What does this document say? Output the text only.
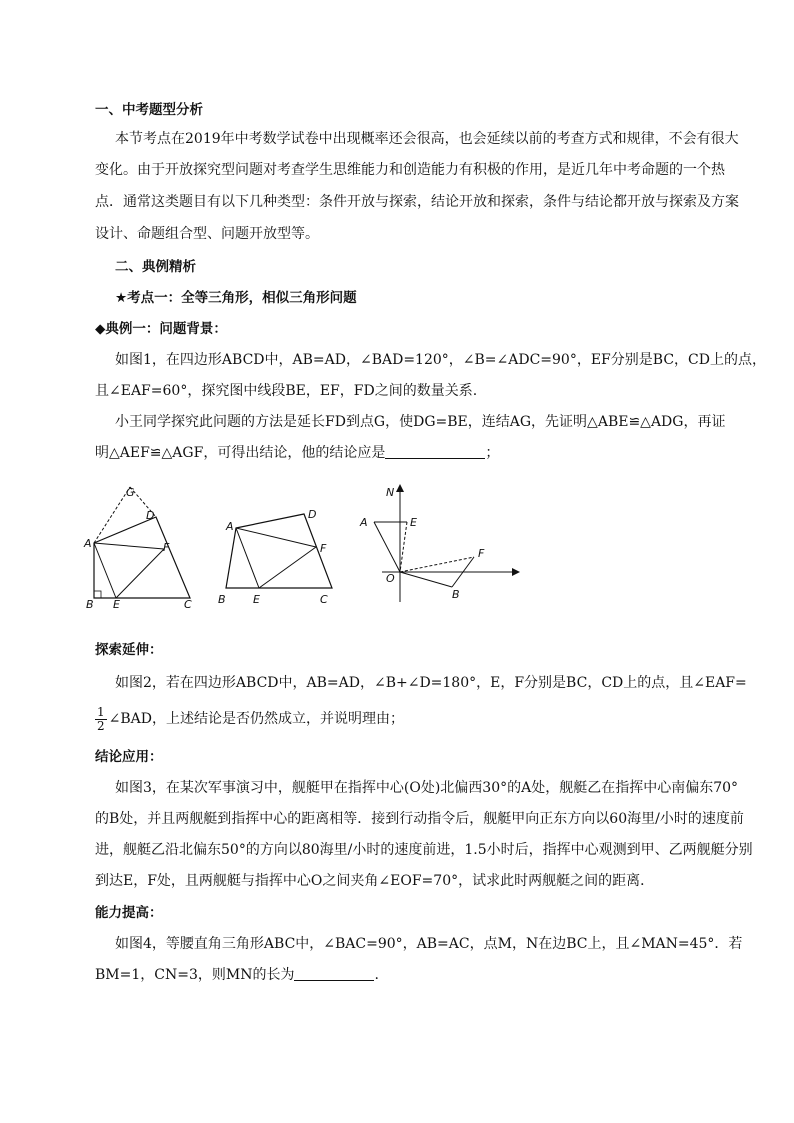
一、中考题型分析
本节考点在2019年中考数学试卷中出现概率还会很高，也会延续以前的考查方式和规律，不会有很大
变化。由于开放探究型问题对考查学生思维能力和创造能力有积极的作用，是近几年中考命题的一个热
点．通常这类题目有以下几种类型：条件开放与探索，结论开放和探索，条件与结论都开放与探索及方案
设计、命题组合型、问题开放型等。
二、典例精析
★考点一：全等三角形，相似三角形问题
◆典例一：问题背景：
如图1，在四边形ABCD中，AB=AD，∠BAD=120°，∠B=∠ADC=90°，EF分别是BC，CD上的点，
且∠EAF=60°，探究图中线段BE，EF，FD之间的数量关系.
小王同学探究此问题的方法是延长FD到点G，使DG=BE，连结AG，先证明△ABE≌△ADG，再证
明△AEF≌△AGF，可得出结论，他的结论应是	；
G
D
A	F
B E	C
A
D
F
B E	C
N
A	E
F
O
B
探索延伸：
如图2，若在四边形ABCD中，AB=AD，∠B+∠D=180°，E，F分别是BC，CD上的点，且∠EAF=
$\frac{1}{2}$ ∠BAD，上述结论是否仍然成立，并说明理由；
结论应用：
如图3，在某次军事演习中，舰艇甲在指挥中心(O处)北偏西30°的A处，舰艇乙在指挥中心南偏东70°
的B处，并且两舰艇到指挥中心的距离相等．接到行动指令后，舰艇甲向正东方向以60海里/小时的速度前
进，舰艇乙沿北偏东50°的方向以80海里/小时的速度前进，1.5小时后，指挥中心观测到甲、乙两舰艇分别
到达E，F处，且两舰艇与指挥中心O之间夹角∠EOF=70°，试求此时两舰艇之间的距离．
能力提高：
如图4，等腰直角三角形ABC中，∠BAC=90°，AB=AC，点M，N在边BC上，且∠MAN=45°．若
BM=1，CN=3，则MN的长为	.
